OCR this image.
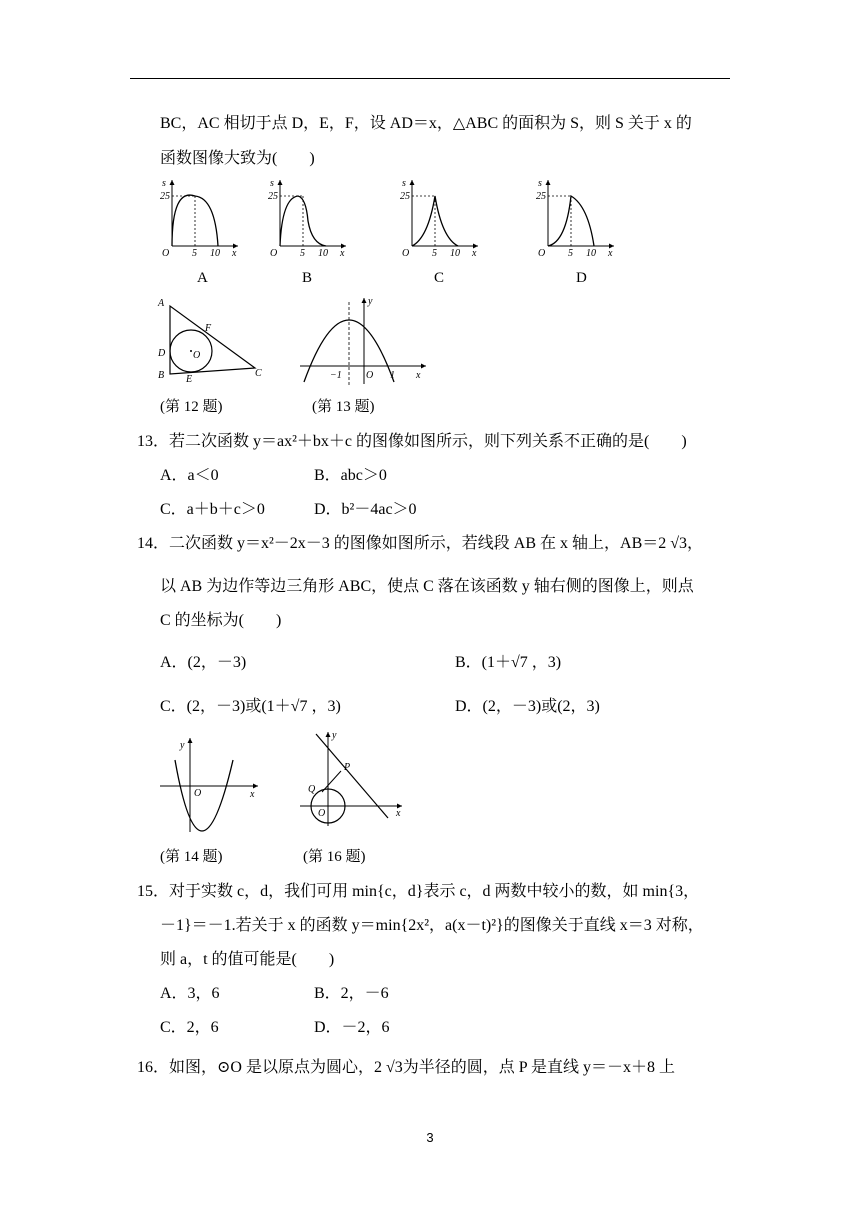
BC，AC 相切于点 D，E，F，设 AD＝x，△ABC 的面积为 S，则 S 关于 x 的
函数图像大致为(　　)
s
25
O 5 10 x
s
25
O 5 10 x
s
25
O 5 10 x
s
25
O 5 10 x
A	B	C	D
A
D
B E
F
O
C
y
x
O
−1	1
(第 12 题)	(第 13 题)
13．若二次函数 y＝ax²＋bx＋c 的图像如图所示，则下列关系不正确的是(　　)
A．a＜0	B．abc＞0
C．a＋b＋c＞0	D．b²－4ac＞0
14．二次函数 y＝x²－2x－3 的图像如图所示，若线段 AB 在 x 轴上，AB＝2 √3，
以 AB 为边作等边三角形 ABC，使点 C 落在该函数 y 轴右侧的图像上，则点
C 的坐标为(　　)
A．(2，－3)	B．(1＋√7 ，3)
C．(2，－3)或(1＋√7 ，3)	D．(2，－3)或(2，3)
y
x
O
y
x
O
P
Q
(第 14 题)	(第 16 题)
15．对于实数 c，d，我们可用 min{c，d}表示 c，d 两数中较小的数，如 min{3，
－1}＝－1.若关于 x 的函数 y＝min{2x²，a(x－t)²}的图像关于直线 x＝3 对称，
则 a，t 的值可能是(　　)
A．3，6	B．2，－6
C．2，6	D．－2，6
16．如图，⊙O 是以原点为圆心，2 √3为半径的圆，点 P 是直线 y＝－x＋8 上
3
